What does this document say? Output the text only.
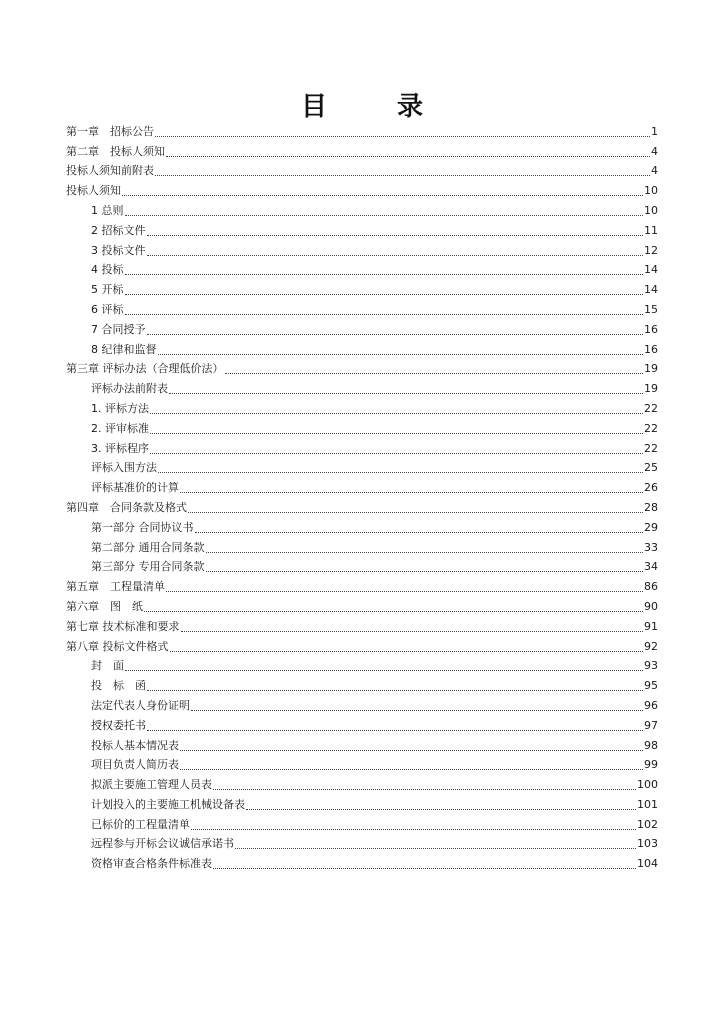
目　录
第一章　招标公告	1
第二章　投标人须知	4
投标人须知前附表	4
投标人须知	10
1 总则	10
2 招标文件	11
3 投标文件	12
4 投标	14
5 开标	14
6 评标	15
7 合同授予	16
8 纪律和监督	16
第三章 评标办法（合理低价法）	19
评标办法前附表	19
1. 评标方法	22
2. 评审标准	22
3. 评标程序	22
评标入围方法	25
评标基准价的计算	26
第四章　合同条款及格式	28
第一部分 合同协议书	29
第二部分 通用合同条款	33
第三部分 专用合同条款	34
第五章　工程量清单	86
第六章　图　纸	90
第七章 技术标准和要求	91
第八章 投标文件格式	92
封　面	93
投　标　函	95
法定代表人身份证明	96
授权委托书	97
投标人基本情况表	98
项目负责人简历表	99
拟派主要施工管理人员表	100
计划投入的主要施工机械设备表	101
已标价的工程量清单	102
远程参与开标会议诚信承诺书	103
资格审查合格条件标准表	104
